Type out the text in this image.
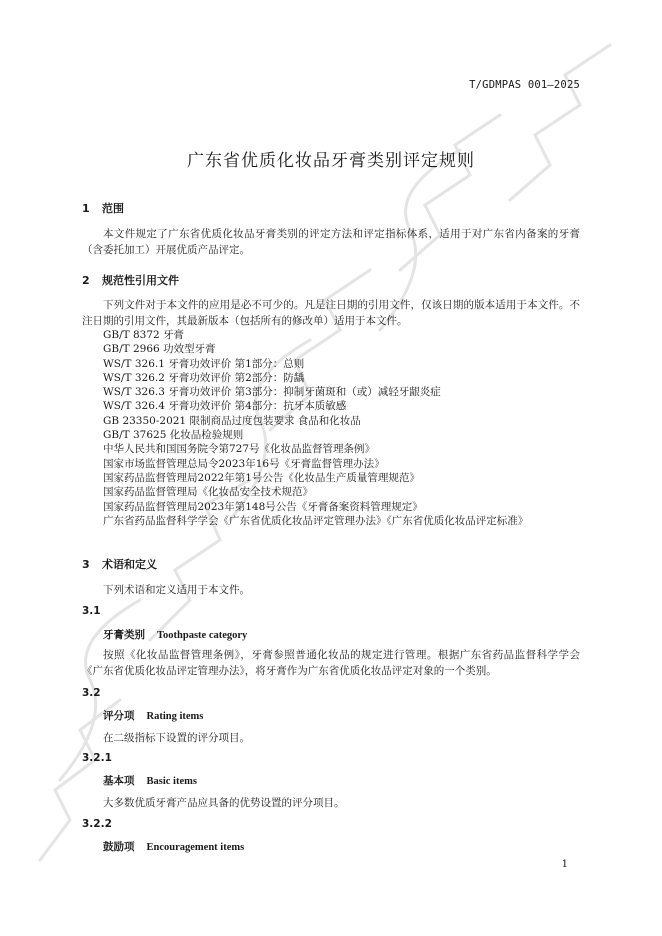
T/GDMPAS 001—2025
广东省优质化妆品牙膏类别评定规则
1 范围

本文件规定了广东省优质化妆品牙膏类别的评定方法和评定指标体系，适用于对广东省内备案的牙膏（含委托加工）开展优质产品评定。

2 规范性引用文件

下列文件对于本文件的应用是必不可少的。凡是注日期的引用文件，仅该日期的版本适用于本文件。不注日期的引用文件，其最新版本（包括所有的修改单）适用于本文件。

GB/T 8372 牙膏
GB/T 2966 功效型牙膏
WS/T 326.1 牙膏功效评价 第1部分：总则
WS/T 326.2 牙膏功效评价 第2部分：防龋
WS/T 326.3 牙膏功效评价 第3部分：抑制牙菌斑和（或）减轻牙龈炎症
WS/T 326.4 牙膏功效评价 第4部分：抗牙本质敏感
GB 23350-2021 限制商品过度包装要求 食品和化妆品
GB/T 37625 化妆品检验规则
中华人民共和国国务院令第727号《化妆品监督管理条例》
国家市场监督管理总局令2023年16号《牙膏监督管理办法》
国家药品监督管理局2022年第1号公告《化妆品生产质量管理规范》
国家药品监督管理局《化妆品安全技术规范》
国家药品监督管理局2023年第148号公告《牙膏备案资料管理规定》
广东省药品监督科学学会《广东省优质化妆品评定管理办法》《广东省优质化妆品评定标准》
3 术语和定义
下列术语和定义适用于本文件。
3.1
牙膏类别 Toothpaste category

按照《化妆品监督管理条例》，牙膏参照普通化妆品的规定进行管理。根据广东省药品监督科学学会《广东省优质化妆品评定管理办法》，将牙膏作为广东省优质化妆品评定对象的一个类别。

3.2
评分项 Rating items
在二级指标下设置的评分项目。
3.2.1
基本项 Basic items
大多数优质牙膏产品应具备的优势设置的评分项目。
3.2.2
鼓励项 Encouragement items
1
